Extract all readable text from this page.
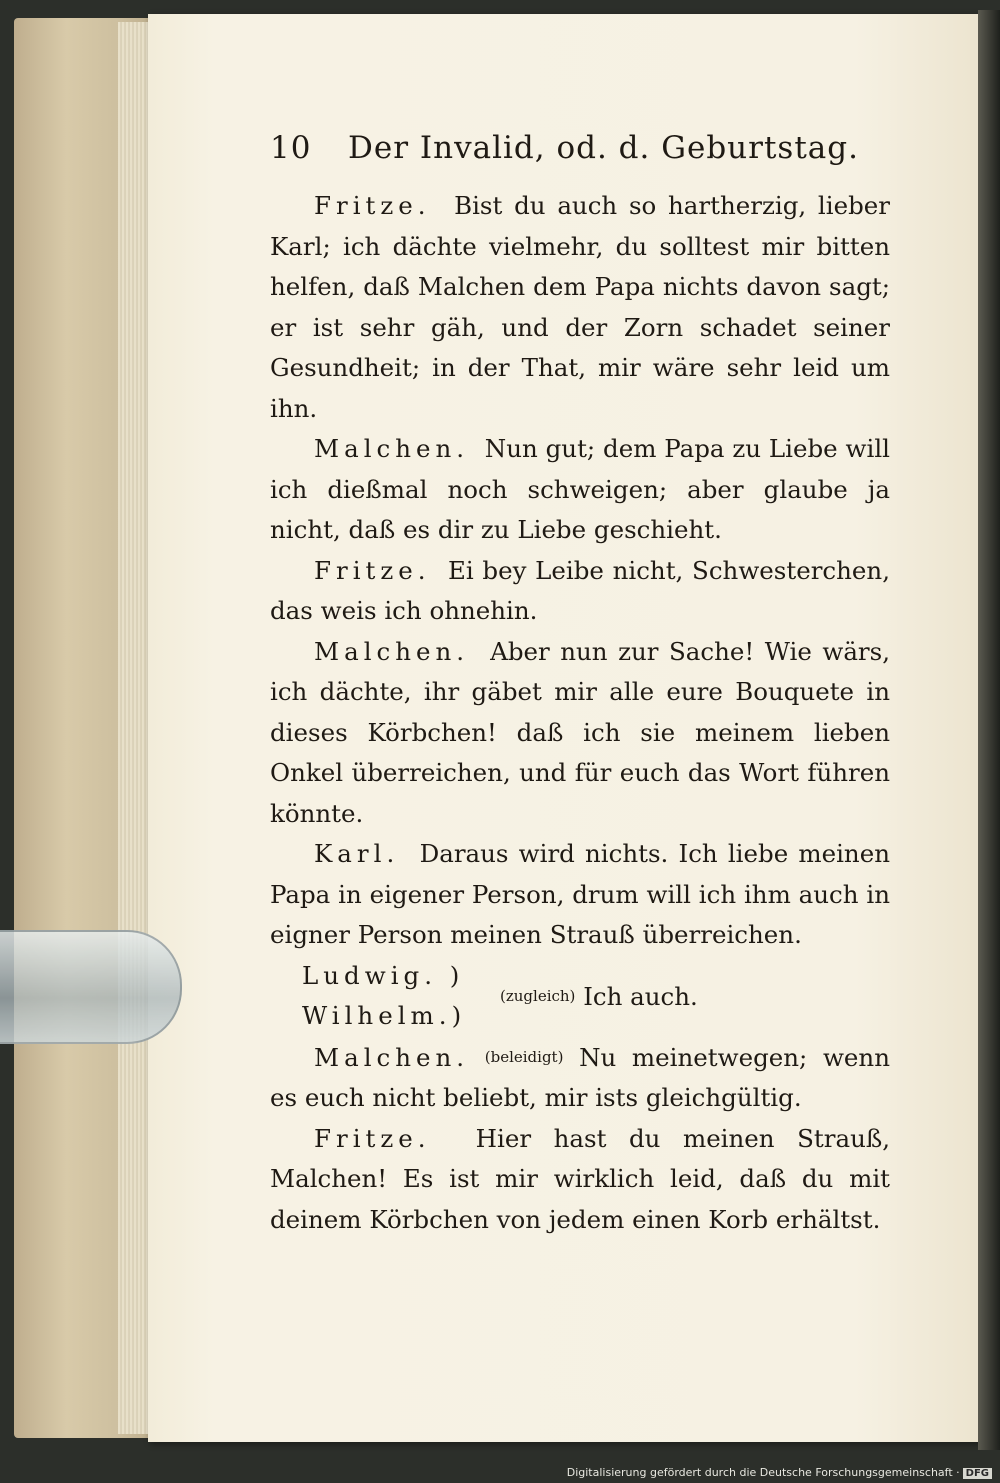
10 Der Invalid, od. d. Geburtstag.

Fritze. Bist du auch so hartherzig, lieber Karl; ich dächte vielmehr, du solltest mir bitten helfen, daß Malchen dem Papa nichts davon sagt; er ist sehr gäh, und der Zorn schadet seiner Gesundheit; in der That, mir wäre sehr leid um ihn.

Malchen. Nun gut; dem Papa zu Liebe will ich dießmal noch schweigen; aber glaube ja nicht, daß es dir zu Liebe geschieht.

Fritze. Ei bey Leibe nicht, Schwesterchen, das weis ich ohnehin.

Malchen. Aber nun zur Sache! Wie wärs, ich dächte, ihr gäbet mir alle eure Bouquete in dieses Körbchen! daß ich sie meinem lieben Onkel überreichen, und für euch das Wort führen könnte.

Karl. Daraus wird nichts. Ich liebe meinen Papa in eigener Person, drum will ich ihm auch in eigner Person meinen Strauß überreichen.

Ludwig. )
Wilhelm.)
(zugleich) Ich auch.

Malchen. (beleidigt) Nu meinetwegen; wenn es euch nicht beliebt, mir ists gleichgültig.

Fritze. Hier hast du meinen Strauß, Malchen! Es ist mir wirklich leid, daß du mit deinem Körbchen von jedem einen Korb erhältst.

Digitalisierung gefördert durch die Deutsche Forschungsgemeinschaft · DFG
